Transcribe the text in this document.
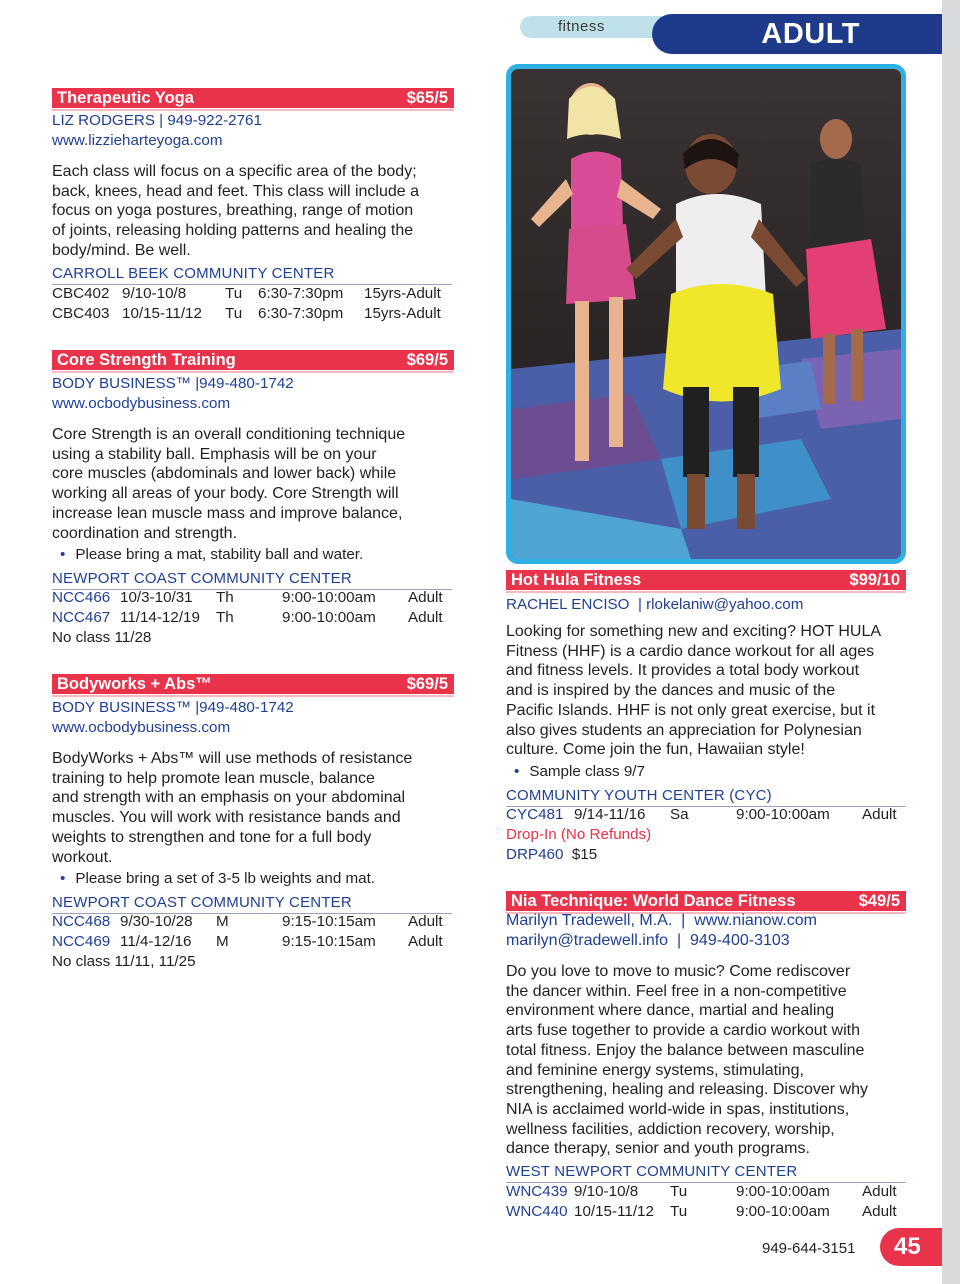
fitness	ADULT
Therapeutic Yoga	$65/5
LIZ RODGERS | 949-922-2761
www.lizzieharteyoga.com
Each class will focus on a specific area of the body;
back, knees, head and feet. This class will include a
focus on yoga postures, breathing, range of motion
of joints, releasing holding patterns and healing the
body/mind. Be well.
CARROLL BEEK COMMUNITY CENTER
CBC402 9/10-10/8	Tu 6:30-7:30pm 15yrs-Adult
CBC403 10/15-11/12 Tu 6:30-7:30pm 15yrs-Adult
Core Strength Training	$69/5
BODY BUSINESS™ |949-480-1742
www.ocbodybusiness.com
Core Strength is an overall conditioning technique
using a stability ball. Emphasis will be on your
core muscles (abdominals and lower back) while
working all areas of your body. Core Strength will
increase lean muscle mass and improve balance,
coordination and strength.
• Please bring a mat, stability ball and water.
NEWPORT COAST COMMUNITY CENTER
NCC466 10/3-10/31 Th	9:00-10:00am Adult
NCC467 11/14-12/19 Th	9:00-10:00am Adult
No class 11/28
Bodyworks + Abs™	$69/5
BODY BUSINESS™ |949-480-1742
www.ocbodybusiness.com
BodyWorks + Abs™ will use methods of resistance
training to help promote lean muscle, balance
and strength with an emphasis on your abdominal
muscles. You will work with resistance bands and
weights to strengthen and tone for a full body
workout.
• Please bring a set of 3-5 lb weights and mat.
NEWPORT COAST COMMUNITY CENTER
NCC468 9/30-10/28 M	9:15-10:15am Adult
NCC469 11/4-12/16 M	9:15-10:15am Adult
No class 11/11, 11/25
Hot Hula Fitness	$99/10
RACHEL ENCISO  | rlokelaniw@yahoo.com
Looking for something new and exciting? HOT HULA
Fitness (HHF) is a cardio dance workout for all ages
and fitness levels. It provides a total body workout
and is inspired by the dances and music of the
Pacific Islands. HHF is not only great exercise, but it
also gives students an appreciation for Polynesian
culture. Come join the fun, Hawaiian style!
• Sample class 9/7
COMMUNITY YOUTH CENTER (CYC)
CYC481 9/14-11/16 Sa	9:00-10:00am Adult
Drop-In (No Refunds)
DRP460 $15
Nia Technique: World Dance Fitness	$49/5
Marilyn Tradewell, M.A.  |  www.nianow.com
marilyn@tradewell.info  |  949-400-3103
Do you love to move to music? Come rediscover
the dancer within. Feel free in a non-competitive
environment where dance, martial and healing
arts fuse together to provide a cardio workout with
total fitness. Enjoy the balance between masculine
and feminine energy systems, stimulating,
strengthening, healing and releasing. Discover why
NIA is acclaimed world-wide in spas, institutions,
wellness facilities, addiction recovery, worship,
dance therapy, senior and youth programs.
WEST NEWPORT COMMUNITY CENTER
WNC439 9/10-10/8 Tu	9:00-10:00am Adult
WNC440 10/15-11/12 Tu	9:00-10:00am Adult
949-644-3151	45
